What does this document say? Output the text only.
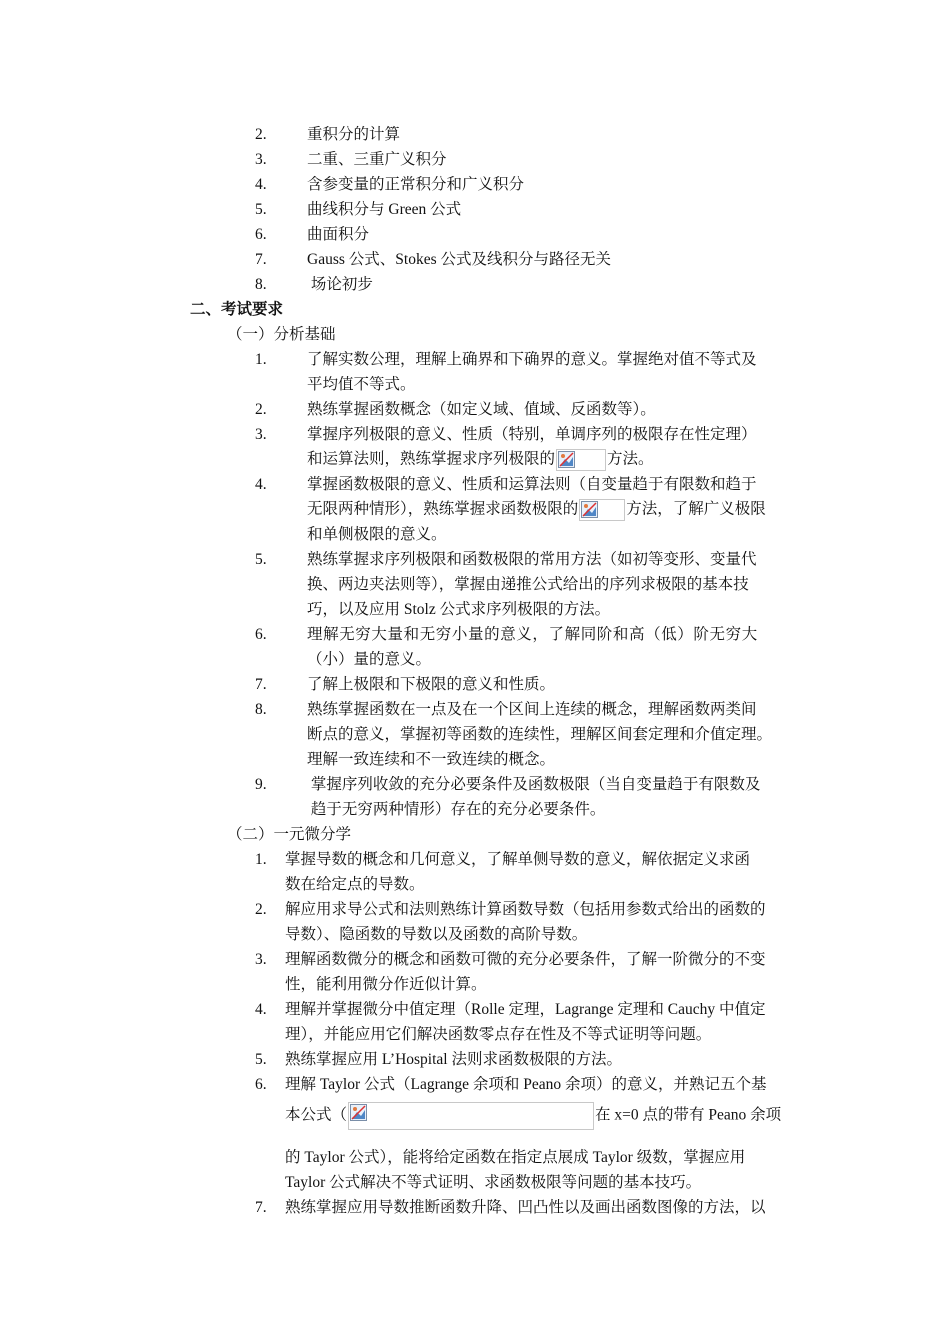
2.	重积分的计算
3.	二重、三重广义积分
4.	含参变量的正常积分和广义积分
5.	曲线积分与 Green 公式
6.	曲面积分
7.	Gauss 公式、Stokes 公式及线积分与路径无关
8.	场论初步
二、考试要求
（一）分析基础
1.	了解实数公理，理解上确界和下确界的意义。掌握绝对值不等式及
平均值不等式。
2.	熟练掌握函数概念（如定义域、值域、反函数等）。
3.	掌握序列极限的意义、性质（特别，单调序列的极限存在性定理）
和运算法则，熟练掌握求序列极限的	方法。
4.	掌握函数极限的意义、性质和运算法则（自变量趋于有限数和趋于
无限两种情形），熟练掌握求函数极限的	方法，了解广义极限
和单侧极限的意义。
5.	熟练掌握求序列极限和函数极限的常用方法（如初等变形、变量代
换、两边夹法则等），掌握由递推公式给出的序列求极限的基本技
巧，以及应用 Stolz 公式求序列极限的方法。
6.	理解无穷大量和无穷小量的意义，了解同阶和高（低）阶无穷大
（小）量的意义。
7.	了解上极限和下极限的意义和性质。
8.	熟练掌握函数在一点及在一个区间上连续的概念，理解函数两类间
断点的意义，掌握初等函数的连续性，理解区间套定理和介值定理。
理解一致连续和不一致连续的概念。
9.	掌握序列收敛的充分必要条件及函数极限（当自变量趋于有限数及
趋于无穷两种情形）存在的充分必要条件。
（二）一元微分学
1. 掌握导数的概念和几何意义，了解单侧导数的意义，解依据定义求函
数在给定点的导数。
2. 解应用求导公式和法则熟练计算函数导数（包括用参数式给出的函数的
导数）、隐函数的导数以及函数的高阶导数。
3. 理解函数微分的概念和函数可微的充分必要条件，了解一阶微分的不变
性，能利用微分作近似计算。
4. 理解并掌握微分中值定理（Rolle 定理，Lagrange 定理和 Cauchy 中值定
理），并能应用它们解决函数零点存在性及不等式证明等问题。
5. 熟练掌握应用 L’Hospital 法则求函数极限的方法。
6. 理解 Taylor 公式（Lagrange 余项和 Peano 余项）的意义，并熟记五个基
本公式（	在 x=0 点的带有 Peano 余项
的 Taylor 公式），能将给定函数在指定点展成 Taylor 级数，掌握应用
Taylor 公式解决不等式证明、求函数极限等问题的基本技巧。
7. 熟练掌握应用导数推断函数升降、凹凸性以及画出函数图像的方法，以
